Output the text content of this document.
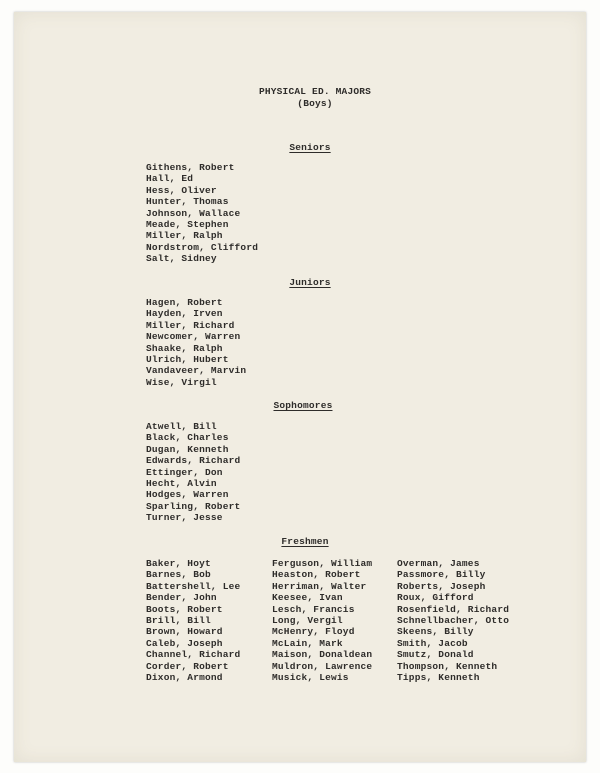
PHYSICAL ED. MAJORS
(Boys)
Seniors
Githens, Robert
Hall, Ed
Hess, Oliver
Hunter, Thomas
Johnson, Wallace
Meade, Stephen
Miller, Ralph
Nordstrom, Clifford
Salt, Sidney
Juniors
Hagen, Robert
Hayden, Irven
Miller, Richard
Newcomer, Warren
Shaake, Ralph
Ulrich, Hubert
Vandaveer, Marvin
Wise, Virgil
Sophomores
Atwell, Bill
Black, Charles
Dugan, Kenneth
Edwards, Richard
Ettinger, Don
Hecht, Alvin
Hodges, Warren
Sparling, Robert
Turner, Jesse
Freshmen
Baker, Hoyt
Barnes, Bob
Battershell, Lee
Bender, John
Boots, Robert
Brill, Bill
Brown, Howard
Caleb, Joseph
Channel, Richard
Corder, Robert
Dixon, Armond
Ferguson, William
Heaston, Robert
Herriman, Walter
Keesee, Ivan
Lesch, Francis
Long, Vergil
McHenry, Floyd
McLain, Mark
Maison, Donaldean
Muldron, Lawrence
Musick, Lewis
Overman, James
Passmore, Billy
Roberts, Joseph
Roux, Gifford
Rosenfield, Richard
Schnellbacher, Otto
Skeens, Billy
Smith, Jacob
Smutz, Donald
Thompson, Kenneth
Tipps, Kenneth
